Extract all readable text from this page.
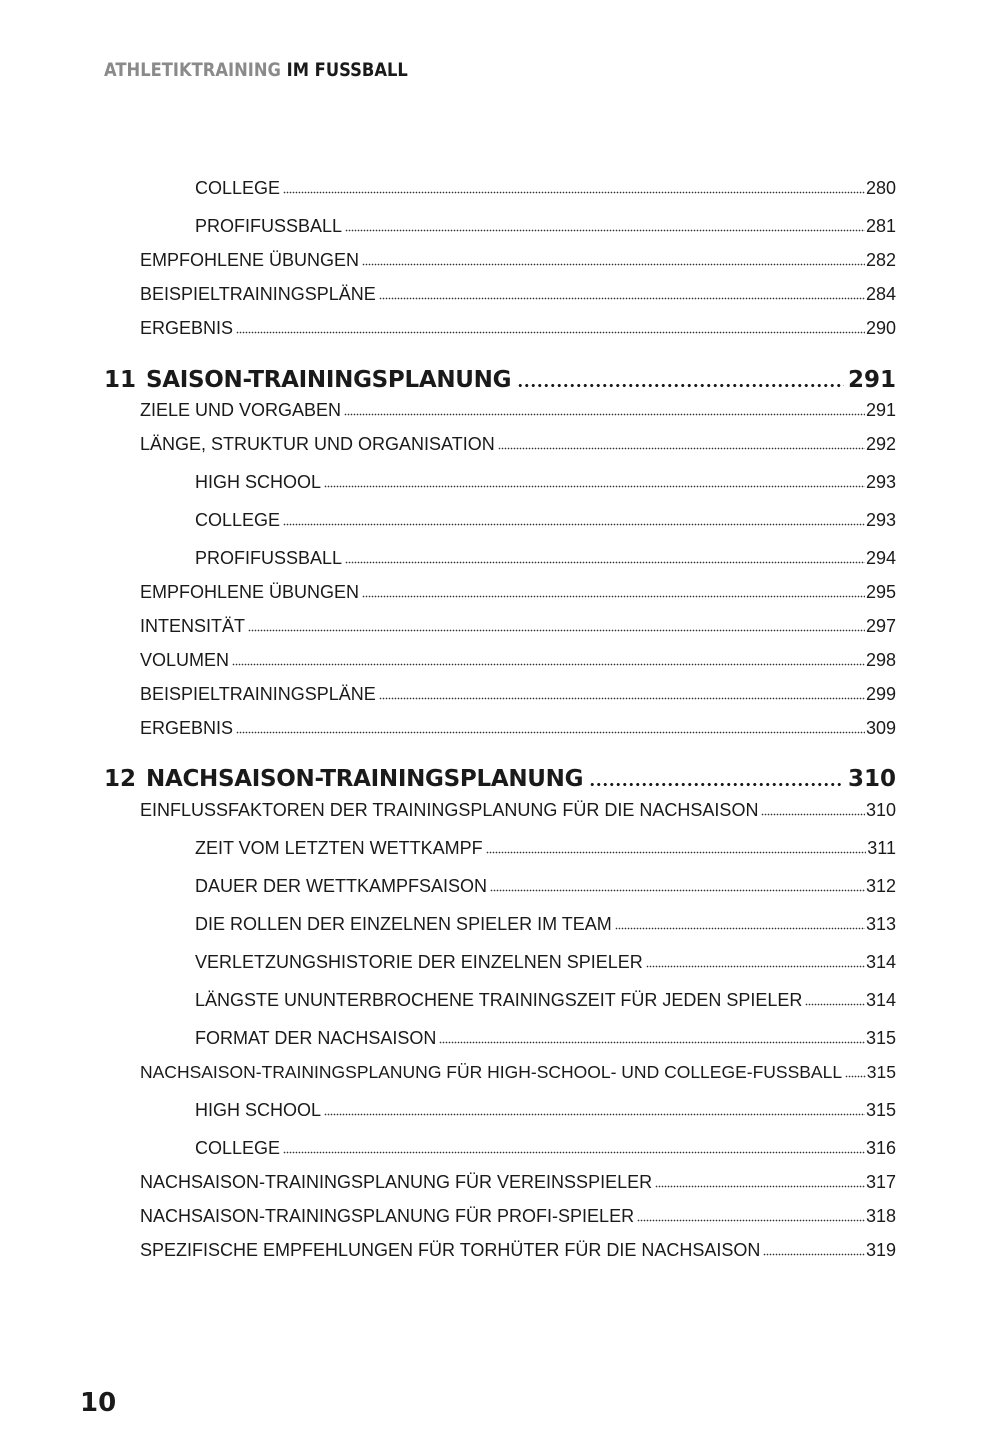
ATHLETIKTRAINING IM FUSSBALL
COLLEGE	280
PROFIFUSSBALL	281
EMPFOHLENE ÜBUNGEN	282
BEISPIELTRAININGSPLÄNE	284
ERGEBNIS	290
11 SAISON-TRAININGSPLANUNG	291
ZIELE UND VORGABEN	291
LÄNGE, STRUKTUR UND ORGANISATION	292
HIGH SCHOOL	293
COLLEGE	293
PROFIFUSSBALL	294
EMPFOHLENE ÜBUNGEN	295
INTENSITÄT	297
VOLUMEN	298
BEISPIELTRAININGSPLÄNE	299
ERGEBNIS	309
12 NACHSAISON-TRAININGSPLANUNG	310
EINFLUSSFAKTOREN DER TRAININGSPLANUNG FÜR DIE NACHSAISON	310
ZEIT VOM LETZTEN WETTKAMPF	311
DAUER DER WETTKAMPFSAISON	312
DIE ROLLEN DER EINZELNEN SPIELER IM TEAM	313
VERLETZUNGSHISTORIE DER EINZELNEN SPIELER	314
LÄNGSTE UNUNTERBROCHENE TRAININGSZEIT FÜR JEDEN SPIELER	314
FORMAT DER NACHSAISON	315
NACHSAISON-TRAININGSPLANUNG FÜR HIGH-SCHOOL- UND COLLEGE-FUSSBALL 315
HIGH SCHOOL	315
COLLEGE	316
NACHSAISON-TRAININGSPLANUNG FÜR VEREINSSPIELER	317
NACHSAISON-TRAININGSPLANUNG FÜR PROFI-SPIELER	318
SPEZIFISCHE EMPFEHLUNGEN FÜR TORHÜTER FÜR DIE NACHSAISON	319
10
